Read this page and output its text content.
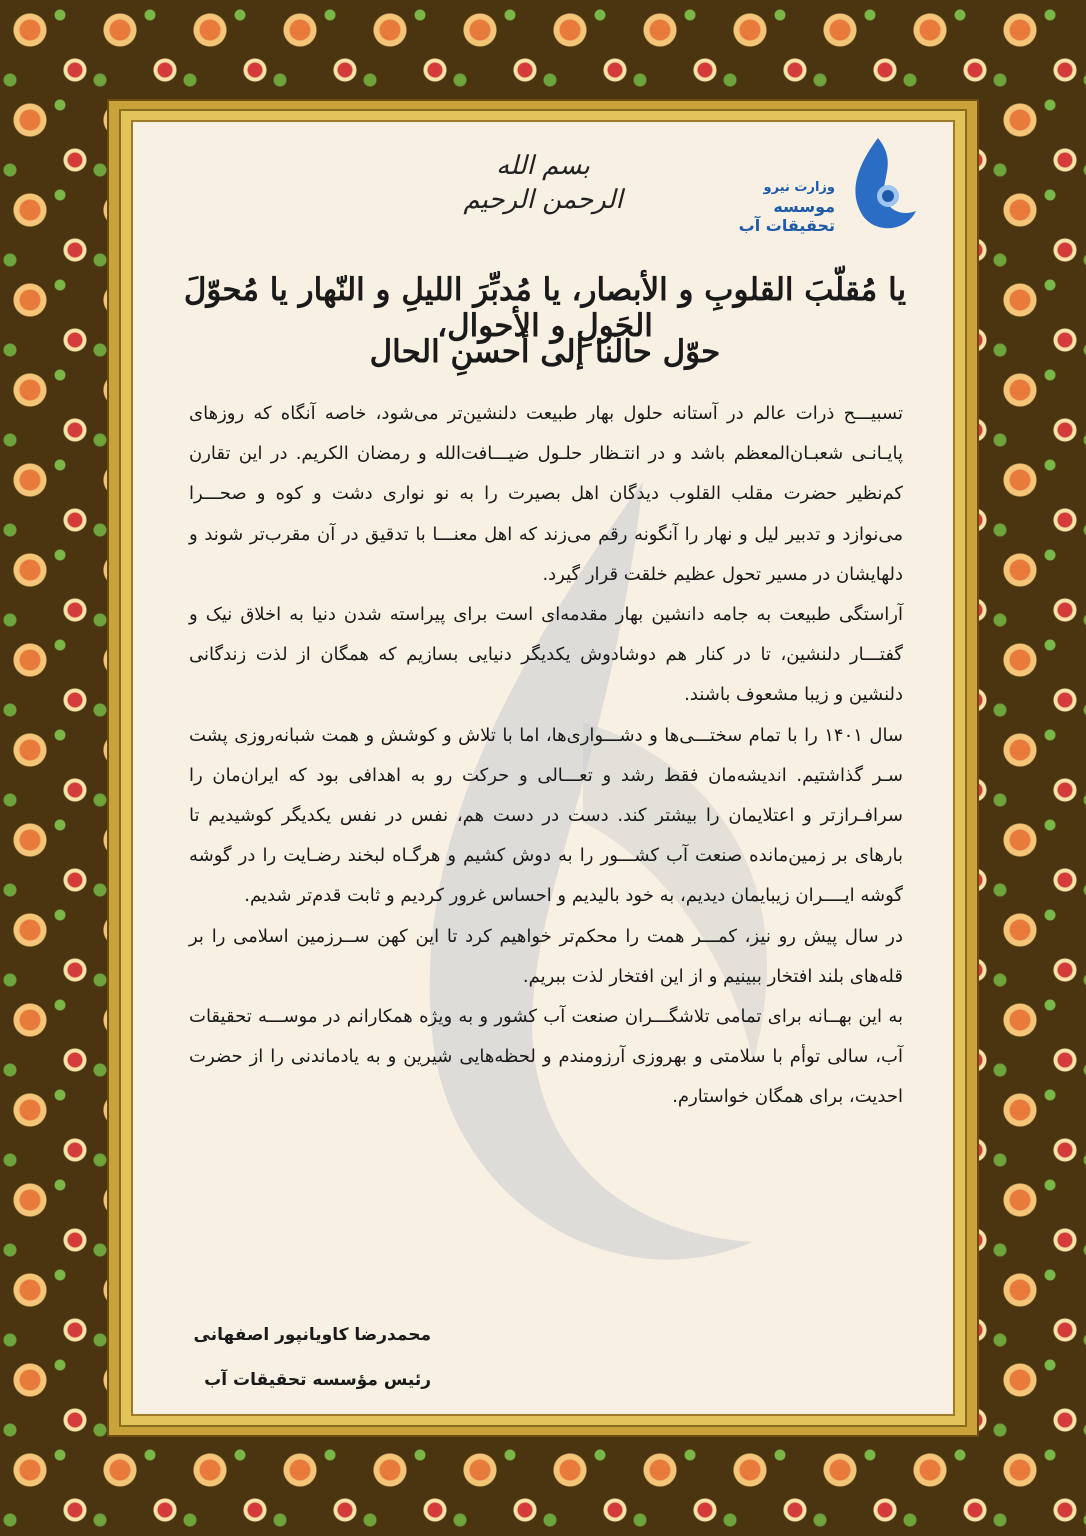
وزارت نیرو
موسسه تحقیقات آب
بسم الله الرحمن الرحیم
یا مُقلّبَ القلوبِ و الأبصار، یا مُدبِّرَ اللیلِ و النّهار یا مُحوّلَ الحَولِ و الأحوال،
حوّل حالَنا إلی أحسنِ الحال

تسبیـــح ذرات عالم در آستانه حلول بهار طبیعت دلنشین‌تر می‌شود، خاصه آنگاه که روزهای پایـانـی شعبـان‌المعظم باشد و در انتـظار حلـول ضیـــافت‌الله و رمضان الکریم. در این تقارن کم‌نظیر حضرت مقلب القلوب دیدگان اهل بصیرت را به نو نواری دشت و کوه و صحـــرا می‌نوازد و تدبیر لیل و نهار را آنگونه رقم می‌زند که اهل معنـــا با تدقیق در آن مقرب‌تر شوند و دلهایشان در مسیر تحول عظیم خلقت قرار گیرد.

آراستگی طبیعت به جامه دانشین بهار مقدمه‌ای است برای پیراسته شدن دنیا به اخلاق نیک و گفتـــار دلنشین، تا در کنار هم دوشادوش یکدیگر دنیایی بسازیم که همگان از لذت زندگانی دلنشین و زیبا مشعوف باشند.

سال ۱۴۰۱ را با تمام سختـــی‌ها و دشـــواری‌ها، اما با تلاش و کوشش و همت شبانه‌روزی پشت سـر گذاشتیم. اندیشه‌مان فقط رشد و تعـــالی و حرکت رو به اهدافی بود که ایران‌مان را سرافـرازتر و اعتلایمان را بیشتر کند. دست در دست هم، نفس در نفس یکدیگر کوشیدیم تا بارهای بر زمین‌مانده صنعت آب کشـــور را به دوش کشیم و هرگـاه لبخند رضـایت را در گوشه گوشه ایــــران زیبایمان دیدیم، به خود بالیدیم و احساس غرور کردیم و ثابت قدم‌تر شدیم.

در سال پیش رو نیز، کمـــر همت را محکم‌تر خواهیم کرد تا این کهن ســرزمین اسلامی را بر قله‌های بلند افتخار ببینیم و از این افتخار لذت ببریم.

به این بهــانه برای تمامی تلاشگـــران صنعت آب کشور و به ویژه همکارانم در موســـه تحقیقات آب، سالی توأم با سلامتی و بهروزی آرزومندم و لحظه‌هایی شیرین و به یادماندنی را از حضرت احدیت، برای همگان خواستارم.

محمدرضا کاویانپور اصفهانی
رئیس مؤسسه تحقیقات آب
